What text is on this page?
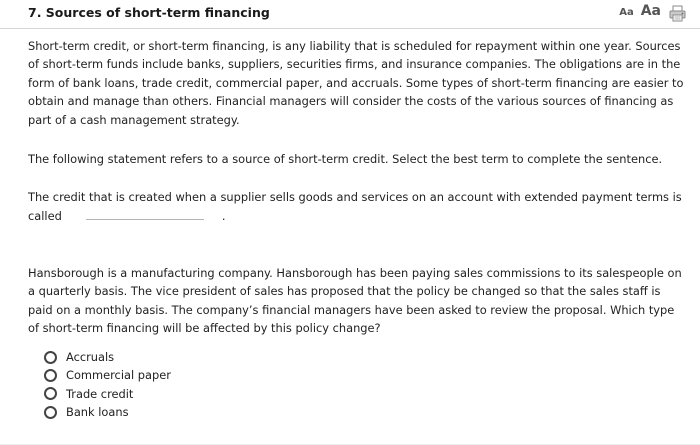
7. Sources of short-term financing	Aa Aa

Short-term credit, or short-term financing, is any liability that is scheduled for repayment within one year. Sources of short-term funds include banks, suppliers, securities firms, and insurance companies. The obligations are in the form of bank loans, trade credit, commercial paper, and accruals. Some types of short-term financing are easier to obtain and manage than others. Financial managers will consider the costs of the various sources of financing as part of a cash management strategy.

The following statement refers to a source of short-term credit. Select the best term to complete the sentence.

The credit that is created when a supplier sells goods and services on an account with extended payment terms is called	.

Hansborough is a manufacturing company. Hansborough has been paying sales commissions to its salespeople on a quarterly basis. The vice president of sales has proposed that the policy be changed so that the sales staff is paid on a monthly basis. The company’s financial managers have been asked to review the proposal. Which type of short-term financing will be affected by this policy change?

Accruals
Commercial paper
Trade credit
Bank loans
